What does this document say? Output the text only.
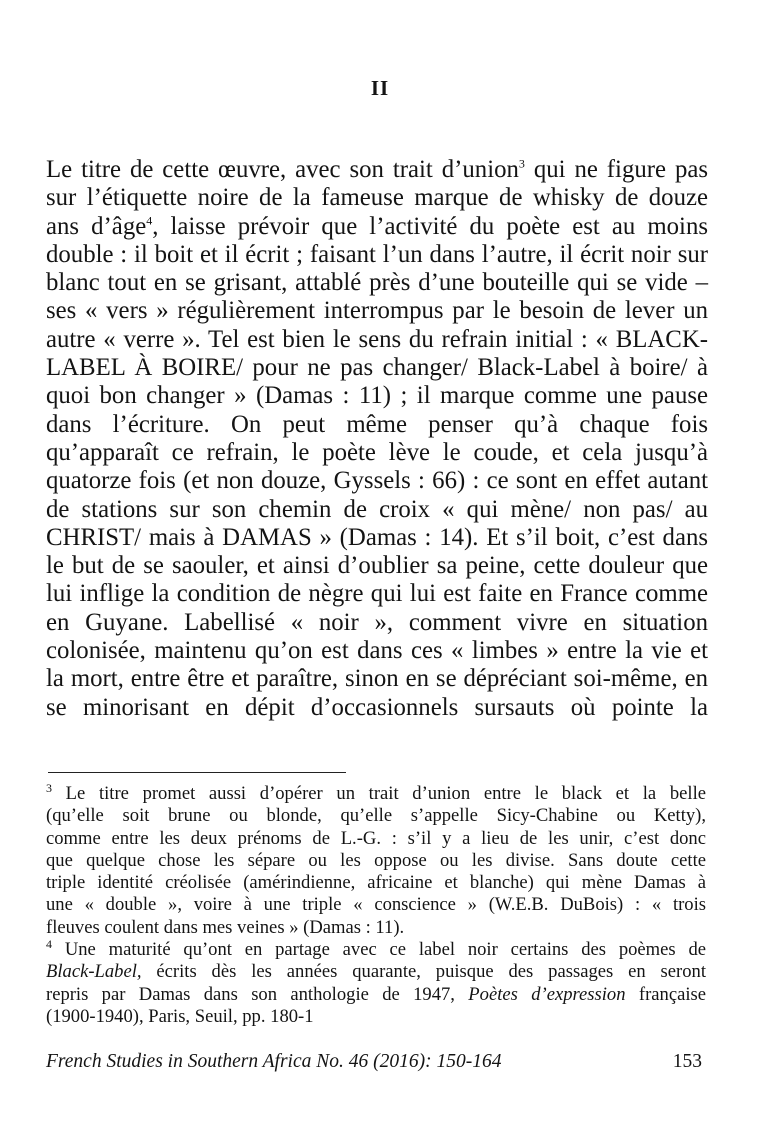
II
Le titre de cette œuvre, avec son trait d’union$^3$ qui ne figure pas
sur l’étiquette noire de la fameuse marque de whisky de douze
ans d’âge$^4$, laisse prévoir que l’activité du poète est au moins
double : il boit et il écrit ; faisant l’un dans l’autre, il écrit noir sur
blanc tout en se grisant, attablé près d’une bouteille qui se vide –
ses « vers » régulièrement interrompus par le besoin de lever un
autre « verre ». Tel est bien le sens du refrain initial : « BLACK-
LABEL À BOIRE/ pour ne pas changer/ Black-Label à boire/ à
quoi bon changer » (Damas : 11) ; il marque comme une pause
dans l’écriture. On peut même penser qu’à chaque fois
qu’apparaît ce refrain, le poète lève le coude, et cela jusqu’à
quatorze fois (et non douze, Gyssels : 66) : ce sont en effet autant
de stations sur son chemin de croix « qui mène/ non pas/ au
CHRIST/ mais à DAMAS » (Damas : 14). Et s’il boit, c’est dans
le but de se saouler, et ainsi d’oublier sa peine, cette douleur que
lui inflige la condition de nègre qui lui est faite en France comme
en Guyane. Labellisé « noir », comment vivre en situation
colonisée, maintenu qu’on est dans ces « limbes » entre la vie et
la mort, entre être et paraître, sinon en se dépréciant soi-même, en
se minorisant en dépit d’occasionnels sursauts où pointe la
$^3$ Le titre promet aussi d’opérer un trait d’union entre le black et la belle
(qu’elle soit brune ou blonde, qu’elle s’appelle Sicy-Chabine ou Ketty),
comme entre les deux prénoms de L.-G. : s’il y a lieu de les unir, c’est donc
que quelque chose les sépare ou les oppose ou les divise. Sans doute cette
triple identité créolisée (amérindienne, africaine et blanche) qui mène Damas à
une « double », voire à une triple « conscience » (W.E.B. DuBois) : « trois
fleuves coulent dans mes veines » (Damas : 11).
$^4$ Une maturité qu’ont en partage avec ce label noir certains des poèmes de
Black-Label, écrits dès les années quarante, puisque des passages en seront
repris par Damas dans son anthologie de 1947, Poètes d’expression française
(1900-1940), Paris, Seuil, pp. 180-1
French Studies in Southern Africa No. 46 (2016): 150-164	153
